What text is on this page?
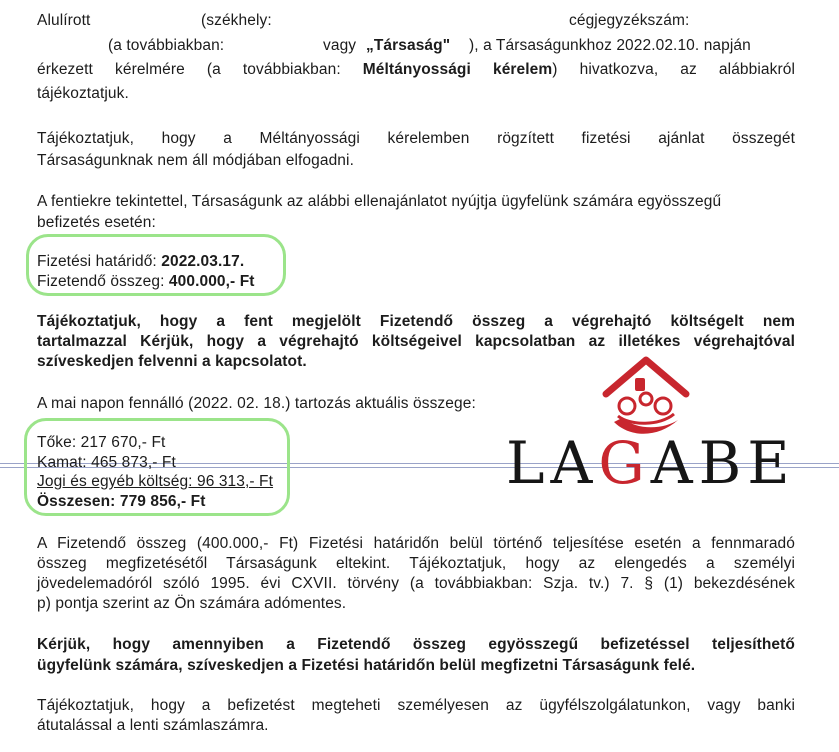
Alulírott	(székhely:	cégjegyzékszám:
(a továbbiakban:	vagy „Társaság" ), a Társaságunkhoz 2022.02.10. napján
érkezett kérelmére (a továbbiakban: Méltányossági kérelem) hivatkozva, az alábbiakról
tájékoztatjuk.
Tájékoztatjuk, hogy a Méltányossági kérelemben rögzített fizetési ajánlat összegét
Társaságunknak nem áll módjában elfogadni.
A fentiekre tekintettel, Társaságunk az alábbi ellenajánlatot nyújtja ügyfelünk számára egyösszegű
befizetés esetén:
Fizetési határidő: 2022.03.17.
Fizetendő összeg: 400.000,- Ft
Tájékoztatjuk, hogy a fent megjelölt Fizetendő összeg a végrehajtó költségelt nem
tartalmazzal Kérjük, hogy a végrehajtó költségeivel kapcsolatban az illetékes végrehajtóval
szíveskedjen felvenni a kapcsolatot.
A mai napon fennálló (2022. 02. 18.) tartozás aktuális összege:
Tőke: 217 670,- Ft
Kamat: 465 873,- Ft
Jogi és egyéb költség: 96 313,- Ft
Összesen: 779 856,- Ft
A Fizetendő összeg (400.000,- Ft) Fizetési határidőn belül történő teljesítése esetén a fennmaradó
összeg megfizetésétől Társaságunk eltekint. Tájékoztatjuk, hogy az elengedés a személyi
jövedelemadóról szóló 1995. évi CXVII. törvény (a továbbiakban: Szja. tv.) 7. § (1) bekezdésének
p) pontja szerint az Ön számára adómentes.
Kérjük, hogy amennyiben a Fizetendő összeg egyösszegű befizetéssel teljesíthető
ügyfelünk számára, szíveskedjen a Fizetési határidőn belül megfizetni Társaságunk felé.
Tájékoztatjuk, hogy a befizetést megteheti személyesen az ügyfélszolgálatunkon, vagy banki
átutalással a lenti számlaszámra.
LAGABE
